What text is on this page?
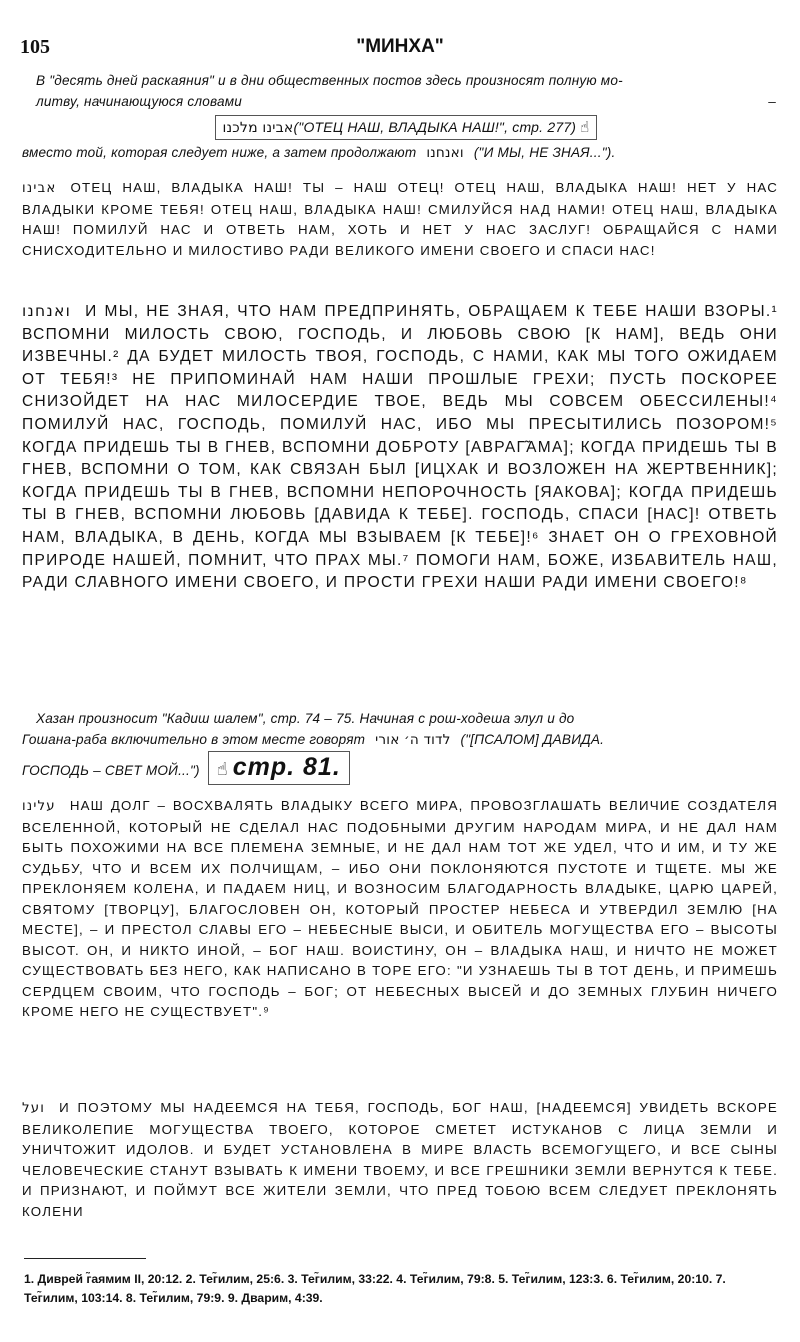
105	"МИНХА"
В "десять дней раскаяния" и в дни общественных постов здесь произносят полную мо-
литву, начинающуюся словами	–
אבינו מלכנו("ОТЕЦ НАШ, ВЛАДЫКА НАШ!", стр. 277) ☝
вместо той, которая следует ниже, а затем продолжают ואנחנו ("И МЫ, НЕ ЗНАЯ...").

אבינו ОТЕЦ НАШ, ВЛАДЫКА НАШ! ТЫ – НАШ ОТЕЦ! ОТЕЦ НАШ, ВЛАДЫКА НАШ! НЕТ У НАС ВЛАДЫКИ КРОМЕ ТЕБЯ! ОТЕЦ НАШ, ВЛАДЫКА НАШ! СМИЛУЙСЯ НАД НАМИ! ОТЕЦ НАШ, ВЛАДЫКА НАШ! ПОМИЛУЙ НАС И ОТВЕТЬ НАМ, ХОТЬ И НЕТ У НАС ЗАСЛУГ! ОБРАЩАЙСЯ С НАМИ СНИСХОДИТЕЛЬНО И МИЛОСТИВО РАДИ ВЕЛИКОГО ИМЕНИ СВОЕГО И СПАСИ НАС!

ואנחנו И МЫ, НЕ ЗНАЯ, ЧТО НАМ ПРЕДПРИНЯТЬ, ОБРАЩАЕМ К ТЕБЕ НАШИ ВЗОРЫ.¹ ВСПОМНИ МИЛОСТЬ СВОЮ, ГОСПОДЬ, И ЛЮБОВЬ СВОЮ [К НАМ], ВЕДЬ ОНИ ИЗВЕЧНЫ.² ДА БУДЕТ МИЛОСТЬ ТВОЯ, ГОСПОДЬ, С НАМИ, КАК МЫ ТОГО ОЖИДАЕМ ОТ ТЕБЯ!³ НЕ ПРИПОМИНАЙ НАМ НАШИ ПРОШЛЫЕ ГРЕХИ; ПУСТЬ ПОСКОРЕЕ СНИЗОЙДЕТ НА НАС МИЛОСЕРДИЕ ТВОЕ, ВЕДЬ МЫ СОВСЕМ ОБЕССИЛЕНЫ!⁴ ПОМИЛУЙ НАС, ГОСПОДЬ, ПОМИЛУЙ НАС, ИБО МЫ ПРЕСЫТИЛИСЬ ПОЗОРОМ!⁵ КОГДА ПРИДЕШЬ ТЫ В ГНЕВ, ВСПОМНИ ДОБРОТУ [АВРАГ̃АМА]; КОГДА ПРИДЕШЬ ТЫ В ГНЕВ, ВСПОМНИ О ТОМ, КАК СВЯЗАН БЫЛ [ИЦХАК И ВОЗЛОЖЕН НА ЖЕРТВЕННИК]; КОГДА ПРИДЕШЬ ТЫ В ГНЕВ, ВСПОМНИ НЕПОРОЧНОСТЬ [ЯАКОВА]; КОГДА ПРИДЕШЬ ТЫ В ГНЕВ, ВСПОМНИ ЛЮБОВЬ [ДАВИДА К ТЕБЕ]. ГОСПОДЬ, СПАСИ [НАС]! ОТВЕТЬ НАМ, ВЛАДЫКА, В ДЕНЬ, КОГДА МЫ ВЗЫВАЕМ [К ТЕБЕ]!⁶ ЗНАЕТ ОН О ГРЕХОВНОЙ ПРИРОДЕ НАШЕЙ, ПОМНИТ, ЧТО ПРАХ МЫ.⁷ ПОМОГИ НАМ, БОЖЕ, ИЗБАВИТЕЛЬ НАШ, РАДИ СЛАВНОГО ИМЕНИ СВОЕГО, И ПРОСТИ ГРЕХИ НАШИ РАДИ ИМЕНИ СВОЕГО!⁸

Хазан произносит "Кадиш шалем", стр. 74 – 75. Начиная с рош-ходеша элул и до
Гошана-раба включительно в этом месте говорят לדוד ה׳ אורי ("[ПСАЛОМ] ДАВИДА.
ГОСПОДЬ – СВЕТ МОЙ...") ☝ стр. 81.

עלינו НАШ ДОЛГ – ВОСХВАЛЯТЬ ВЛАДЫКУ ВСЕГО МИРА, ПРОВОЗГЛАШАТЬ ВЕЛИЧИЕ СОЗДАТЕЛЯ ВСЕЛЕННОЙ, КОТОРЫЙ НЕ СДЕЛАЛ НАС ПОДОБНЫМИ ДРУГИМ НАРОДАМ МИРА, И НЕ ДАЛ НАМ БЫТЬ ПОХОЖИМИ НА ВСЕ ПЛЕМЕНА ЗЕМНЫЕ, И НЕ ДАЛ НАМ ТОТ ЖЕ УДЕЛ, ЧТО И ИМ, И ТУ ЖЕ СУДЬБУ, ЧТО И ВСЕМ ИХ ПОЛЧИЩАМ, – ИБО ОНИ ПОКЛОНЯЮТСЯ ПУСТОТЕ И ТЩЕТЕ. МЫ ЖЕ ПРЕКЛОНЯЕМ КОЛЕНА, И ПАДАЕМ НИЦ, И ВОЗНОСИМ БЛАГОДАРНОСТЬ ВЛАДЫКЕ, ЦАРЮ ЦАРЕЙ, СВЯТОМУ [ТВОРЦУ], БЛАГОСЛОВЕН ОН, КОТОРЫЙ ПРОСТЕР НЕБЕСА И УТВЕРДИЛ ЗЕМЛЮ [НА МЕСТЕ], – И ПРЕСТОЛ СЛАВЫ ЕГО – НЕБЕСНЫЕ ВЫСИ, И ОБИТЕЛЬ МОГУЩЕСТВА ЕГО – ВЫСОТЫ ВЫСОТ. ОН, И НИКТО ИНОЙ, – БОГ НАШ. ВОИСТИНУ, ОН – ВЛАДЫКА НАШ, И НИЧТО НЕ МОЖЕТ СУЩЕСТВОВАТЬ БЕЗ НЕГО, КАК НАПИСАНО В ТОРЕ ЕГО: "И УЗНАЕШЬ ТЫ В ТОТ ДЕНЬ, И ПРИМЕШЬ СЕРДЦЕМ СВОИМ, ЧТО ГОСПОДЬ – БОГ; ОТ НЕБЕСНЫХ ВЫСЕЙ И ДО ЗЕМНЫХ ГЛУБИН НИЧЕГО КРОМЕ НЕГО НЕ СУЩЕСТВУЕТ".⁹

ועל И ПОЭТОМУ МЫ НАДЕЕМСЯ НА ТЕБЯ, ГОСПОДЬ, БОГ НАШ, [НАДЕЕМСЯ] УВИДЕТЬ ВСКОРЕ ВЕЛИКОЛЕПИЕ МОГУЩЕСТВА ТВОЕГО, КОТОРОЕ СМЕТЕТ ИСТУКАНОВ С ЛИЦА ЗЕМЛИ И УНИЧТОЖИТ ИДОЛОВ. И БУДЕТ УСТАНОВЛЕНА В МИРЕ ВЛАСТЬ ВСЕМОГУЩЕГО, И ВСЕ СЫНЫ ЧЕЛОВЕЧЕСКИЕ СТАНУТ ВЗЫВАТЬ К ИМЕНИ ТВОЕМУ, И ВСЕ ГРЕШНИКИ ЗЕМЛИ ВЕРНУТСЯ К ТЕБЕ. И ПРИЗНАЮТ, И ПОЙМУТ ВСЕ ЖИТЕЛИ ЗЕМЛИ, ЧТО ПРЕД ТОБОЮ ВСЕМ СЛЕДУЕТ ПРЕКЛОНЯТЬ КОЛЕНИ

1. Диврей г̃аямим II, 20:12. 2. Тег̃илим, 25:6. 3. Тег̃илим, 33:22. 4. Тег̃илим, 79:8. 5. Тег̃илим, 123:3. 6. Тег̃илим, 20:10. 7. Тег̃илим, 103:14. 8. Тег̃илим, 79:9. 9. Дварим, 4:39.
